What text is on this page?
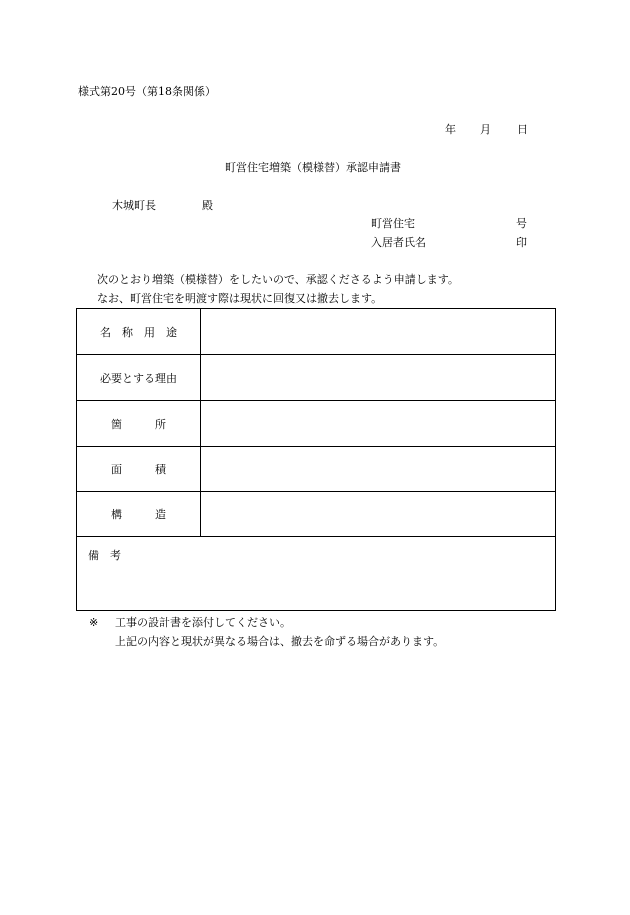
様式第20号（第18条関係）
年 月 日
町営住宅増築（模様替）承認申請書
木城町長	殿
町営住宅	号
入居者氏名	印
次のとおり増築（模様替）をしたいので、承認くださるよう申請します。
なお、町営住宅を明渡す際は現状に回復又は撤去します。
名　称　用　途
必要とする理由
箇　　　所
面　　　積
構　　　造
備　考
※ 工事の設計書を添付してください。
上記の内容と現状が異なる場合は、撤去を命ずる場合があります。
